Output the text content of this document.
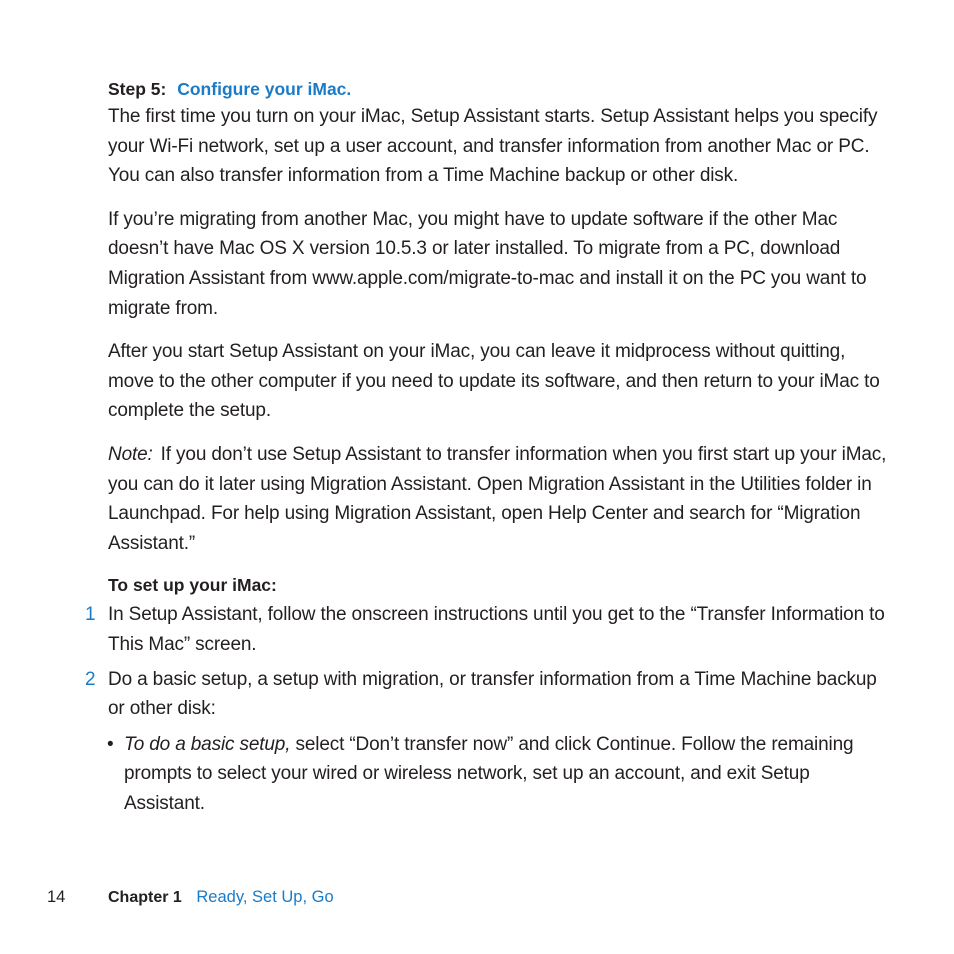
Step 5: Configure your iMac.

The first time you turn on your iMac, Setup Assistant starts. Setup Assistant helps you specify your Wi-Fi network, set up a user account, and transfer information from another Mac or PC. You can also transfer information from a Time Machine backup or other disk.

If you’re migrating from another Mac, you might have to update software if the other Mac doesn’t have Mac OS X version 10.5.3 or later installed. To migrate from a PC, download Migration Assistant from www.apple.com/migrate-to-mac and install it on the PC you want to migrate from.

After you start Setup Assistant on your iMac, you can leave it midprocess without quitting, move to the other computer if you need to update its software, and then return to your iMac to complete the setup.

Note: If you don’t use Setup Assistant to transfer information when you first start up your iMac, you can do it later using Migration Assistant. Open Migration Assistant in the Utilities folder in Launchpad. For help using Migration Assistant, open Help Center and search for “Migration Assistant.”

To set up your iMac:
1 In Setup Assistant, follow the onscreen instructions until you get to the “Transfer Information to This Mac” screen.
2 Do a basic setup, a setup with migration, or transfer information from a Time Machine backup or other disk:
• To do a basic setup, select “Don’t transfer now” and click Continue. Follow the remaining prompts to select your wired or wireless network, set up an account, and exit Setup Assistant.
14	Chapter 1 Ready, Set Up, Go
